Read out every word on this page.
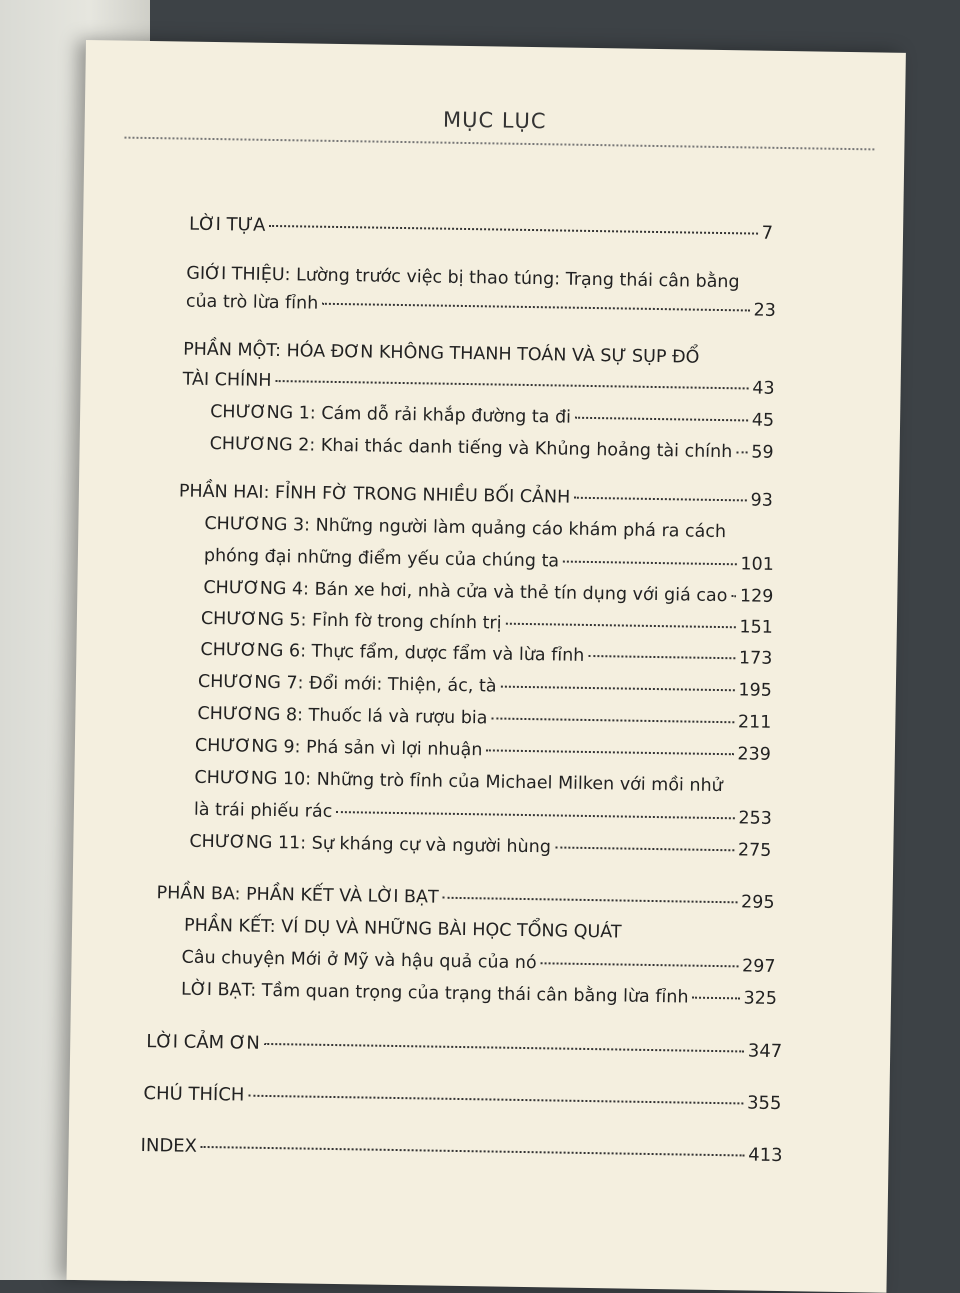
MỤC LỤC
LỜI TỰA	7
GIỚI THIỆU: Lường trước việc bị thao túng: Trạng thái cân bằng
của trò lừa fỉnh	23
PHẦN MỘT: HÓA ĐƠN KHÔNG THANH TOÁN VÀ SỰ SỤP ĐỔ
TÀI CHÍNH	43
CHƯƠNG 1: Cám dỗ rải khắp đường ta đi	45
CHƯƠNG 2: Khai thác danh tiếng và Khủng hoảng tài chính 59
PHẦN HAI: FỈNH FỜ TRONG NHIỀU BỐI CẢNH	93
CHƯƠNG 3: Những người làm quảng cáo khám phá ra cách
phóng đại những điểm yếu của chúng ta	101
CHƯƠNG 4: Bán xe hơi, nhà cửa và thẻ tín dụng với giá cao 129
CHƯƠNG 5: Fỉnh fờ trong chính trị	151
CHƯƠNG 6: Thực fẩm, dược fẩm và lừa fỉnh	173
CHƯƠNG 7: Đổi mới: Thiện, ác, tà	195
CHƯƠNG 8: Thuốc lá và rượu bia	211
CHƯƠNG 9: Phá sản vì lợi nhuận	239
CHƯƠNG 10: Những trò fỉnh của Michael Milken với mồi nhử
là trái phiếu rác	253
CHƯƠNG 11: Sự kháng cự và người hùng	275
PHẦN BA: PHẦN KẾT VÀ LỜI BẠT	295
PHẦN KẾT: VÍ DỤ VÀ NHỮNG BÀI HỌC TỔNG QUÁT
Câu chuyện Mới ở Mỹ và hậu quả của nó	297
LỜI BẠT: Tầm quan trọng của trạng thái cân bằng lừa fỉnh	325
LỜI CẢM ƠN	347
CHÚ THÍCH	355
INDEX	413
